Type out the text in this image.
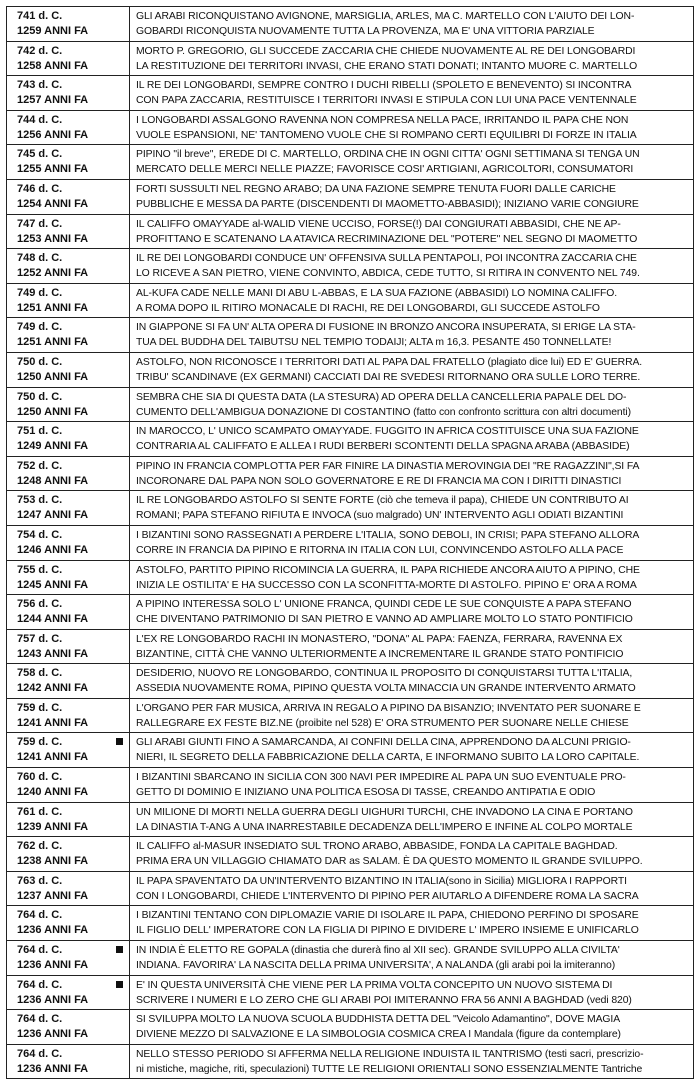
741 d. C.
1259 ANNI FA	GLI ARABI RICONQUISTANO AVIGNONE, MARSIGLIA, ARLES, MA C. MARTELLO CON L'AIUTO DEI LON-
GOBARDI RICONQUISTA NUOVAMENTE TUTTA LA PROVENZA, MA E' UNA VITTORIA PARZIALE

742 d. C.
1258 ANNI FA	MORTO P. GREGORIO, GLI SUCCEDE ZACCARIA CHE CHIEDE NUOVAMENTE AL RE DEI LONGOBARDI
LA RESTITUZIONE DEI TERRITORI INVASI, CHE ERANO STATI DONATI; INTANTO MUORE C. MARTELLO

743 d. C.
1257 ANNI FA	IL RE DEI LONGOBARDI, SEMPRE CONTRO I DUCHI RIBELLI (SPOLETO E BENEVENTO) SI INCONTRA
CON PAPA ZACCARIA, RESTITUISCE I TERRITORI INVASI E STIPULA CON LUI UNA PACE VENTENNALE

744 d. C.
1256 ANNI FA	I LONGOBARDI ASSALGONO RAVENNA NON COMPRESA NELLA PACE, IRRITANDO IL PAPA CHE NON
VUOLE ESPANSIONI, NE' TANTOMENO VUOLE CHE SI ROMPANO CERTI EQUILIBRI DI FORZE IN ITALIA

745 d. C.
1255 ANNI FA	PIPINO "il breve", EREDE DI C. MARTELLO, ORDINA CHE IN OGNI CITTA' OGNI SETTIMANA SI TENGA UN
MERCATO DELLE MERCI NELLE PIAZZE; FAVORISCE COSI' ARTIGIANI, AGRICOLTORI, CONSUMATORI

746 d. C.
1254 ANNI FA	FORTI SUSSULTI NEL REGNO ARABO; DA UNA FAZIONE SEMPRE TENUTA FUORI DALLE CARICHE
PUBBLICHE E MESSA DA PARTE (DISCENDENTI DI MAOMETTO-ABBASIDI); INIZIANO VARIE CONGIURE

747 d. C.
1253 ANNI FA	IL CALIFFO OMAYYADE al-WALID VIENE UCCISO, FORSE(!) DAI CONGIURATI ABBASIDI, CHE NE AP-
PROFITTANO E SCATENANO LA ATAVICA RECRIMINAZIONE DEL "POTERE" NEL SEGNO DI MAOMETTO

748 d. C.
1252 ANNI FA	IL RE DEI LONGOBARDI CONDUCE UN' OFFENSIVA SULLA PENTAPOLI, POI INCONTRA ZACCARIA CHE
LO RICEVE A SAN PIETRO, VIENE CONVINTO, ABDICA, CEDE TUTTO, SI RITIRA IN CONVENTO NEL 749.

749 d. C.
1251 ANNI FA	AL-KUFA CADE NELLE MANI DI ABU L-ABBAS, E LA SUA FAZIONE (ABBASIDI) LO NOMINA CALIFFO.
A ROMA DOPO IL RITIRO MONACALE DI RACHI, RE DEI LONGOBARDI, GLI SUCCEDE ASTOLFO

749 d. C.
1251 ANNI FA	IN GIAPPONE SI FA UN' ALTA OPERA DI FUSIONE IN BRONZO ANCORA INSUPERATA, SI ERIGE LA STA-
TUA DEL BUDDHA DEL TAIBUTSU NEL TEMPIO TODAIJI; ALTA m 16,3. PESANTE 450 TONNELLATE!

750 d. C.
1250 ANNI FA	ASTOLFO, NON RICONOSCE I TERRITORI DATI AL PAPA DAL FRATELLO (plagiato dice lui) ED E' GUERRA.
TRIBU' SCANDINAVE (EX GERMANI) CACCIATI DAI RE SVEDESI RITORNANO ORA SULLE LORO TERRE.

750 d. C.
1250 ANNI FA	SEMBRA CHE SIA DI QUESTA DATA (LA STESURA) AD OPERA DELLA CANCELLERIA PAPALE DEL DO-
CUMENTO DELL'AMBIGUA DONAZIONE DI COSTANTINO (fatto con confronto scrittura con altri documenti)

751 d. C.
1249 ANNI FA	IN MAROCCO, L' UNICO SCAMPATO OMAYYADE. FUGGITO IN AFRICA COSTITUISCE UNA SUA FAZIONE
CONTRARIA AL CALIFFATO E ALLEA I RUDI BERBERI SCONTENTI DELLA SPAGNA ARABA (ABBASIDE)

752 d. C.
1248 ANNI FA	PIPINO IN FRANCIA COMPLOTTA PER FAR FINIRE LA DINASTIA MEROVINGIA DEI "RE RAGAZZINI",SI FA
INCORONARE DAL PAPA NON SOLO GOVERNATORE E RE DI FRANCIA MA CON I DIRITTI DINASTICI

753 d. C.
1247 ANNI FA	IL RE LONGOBARDO ASTOLFO SI SENTE FORTE (ciò che temeva il papa), CHIEDE UN CONTRIBUTO AI
ROMANI; PAPA STEFANO RIFIUTA E INVOCA (suo malgrado) UN' INTERVENTO AGLI ODIATI BIZANTINI

754 d. C.
1246 ANNI FA	I BIZANTINI SONO RASSEGNATI A PERDERE L'ITALIA, SONO DEBOLI, IN CRISI; PAPA STEFANO ALLORA
CORRE IN FRANCIA DA PIPINO E RITORNA IN ITALIA CON LUI, CONVINCENDO ASTOLFO ALLA PACE

755 d. C.
1245 ANNI FA	ASTOLFO, PARTITO PIPINO RICOMINCIA LA GUERRA, IL PAPA RICHIEDE ANCORA AIUTO A PIPINO, CHE
INIZIA LE OSTILITA' E HA SUCCESSO CON LA SCONFITTA-MORTE DI ASTOLFO. PIPINO E' ORA A ROMA

756 d. C.
1244 ANNI FA	A PIPINO INTERESSA SOLO L' UNIONE FRANCA, QUINDI CEDE LE SUE CONQUISTE A PAPA STEFANO
CHE DIVENTANO PATRIMONIO DI SAN PIETRO E VANNO AD AMPLIARE MOLTO LO STATO PONTIFICIO

757 d. C.
1243 ANNI FA	L'EX RE LONGOBARDO RACHI IN MONASTERO, "DONA" AL PAPA: FAENZA, FERRARA, RAVENNA EX
BIZANTINE, CITTÀ CHE VANNO ULTERIORMENTE A INCREMENTARE IL GRANDE STATO PONTIFICIO

758 d. C.
1242 ANNI FA	DESIDERIO, NUOVO RE LONGOBARDO, CONTINUA IL PROPOSITO DI CONQUISTARSI TUTTA L'ITALIA,
ASSEDIA NUOVAMENTE ROMA, PIPINO QUESTA VOLTA MINACCIA UN GRANDE INTERVENTO ARMATO

759 d. C.
1241 ANNI FA	L'ORGANO PER FAR MUSICA, ARRIVA IN REGALO A PIPINO DA BISANZIO; INVENTATO PER SUONARE E
RALLEGRARE EX FESTE BIZ.NE (proibite nel 528) E' ORA STRUMENTO PER SUONARE NELLE CHIESE

759 d. C.
1241 ANNI FA	GLI ARABI GIUNTI FINO A SAMARCANDA, AI CONFINI DELLA CINA, APPRENDONO DA ALCUNI PRIGIO-
NIERI, IL SEGRETO DELLA FABBRICAZIONE DELLA CARTA, E INFORMANO SUBITO LA LORO CAPITALE.

760 d. C.
1240 ANNI FA	I BIZANTINI SBARCANO IN SICILIA CON 300 NAVI PER IMPEDIRE AL PAPA UN SUO EVENTUALE PRO-
GETTO DI DOMINIO E INIZIANO UNA POLITICA ESOSA DI TASSE, CREANDO ANTIPATIA E ODIO

761 d. C.
1239 ANNI FA	UN MILIONE DI MORTI NELLA GUERRA DEGLI UIGHURI TURCHI, CHE INVADONO LA CINA E PORTANO
LA DINASTIA T-ANG A UNA INARRESTABILE DECADENZA DELL'IMPERO E INFINE AL COLPO MORTALE

762 d. C.
1238 ANNI FA	IL CALIFFO al-MASUR INSEDIATO SUL TRONO ARABO, ABBASIDE, FONDA LA CAPITALE BAGHDAD.
PRIMA ERA UN VILLAGGIO CHIAMATO DAR as SALAM. È DA QUESTO MOMENTO IL GRANDE SVILUPPO.

763 d. C.
1237 ANNI FA	IL PAPA SPAVENTATO DA UN'INTERVENTO BIZANTINO IN ITALIA(sono in Sicilia) MIGLIORA I RAPPORTI
CON I LONGOBARDI, CHIEDE L'INTERVENTO DI PIPINO PER AIUTARLO A DIFENDERE ROMA LA SACRA

764 d. C.
1236 ANNI FA	I BIZANTINI TENTANO CON DIPLOMAZIE VARIE DI ISOLARE IL PAPA, CHIEDONO PERFINO DI SPOSARE
IL FIGLIO DELL' IMPERATORE CON LA FIGLIA DI PIPINO E DIVIDERE L' IMPERO INSIEME E UNIFICARLO

764 d. C.
1236 ANNI FA	IN INDIA È ELETTO RE GOPALA (dinastia che durerà fino al XII sec). GRANDE SVILUPPO ALLA CIVILTA'
INDIANA. FAVORIRA' LA NASCITA DELLA PRIMA UNIVERSITA', A NALANDA (gli arabi poi la imiteranno)

764 d. C.
1236 ANNI FA	E' IN QUESTA UNIVERSITÀ CHE VIENE PER LA PRIMA VOLTA CONCEPITO UN NUOVO SISTEMA DI
SCRIVERE I NUMERI E LO ZERO CHE GLI ARABI POI IMITERANNO FRA 56 ANNI A BAGHDAD (vedi 820)

764 d. C.
1236 ANNI FA	SI SVILUPPA MOLTO LA NUOVA SCUOLA BUDDHISTA DETTA DEL "Veicolo Adamantino", DOVE MAGIA
DIVIENE MEZZO DI SALVAZIONE E LA SIMBOLOGIA COSMICA CREA I Mandala (figure da contemplare)

764 d. C.
1236 ANNI FA	NELLO STESSO PERIODO SI AFFERMA NELLA RELIGIONE INDUISTA IL TANTRISMO (testi sacri, prescrizio-
ni mistiche, magiche, riti, speculazioni) TUTTE LE RELIGIONI ORIENTALI SONO ESSENZIALMENTE Tantriche
